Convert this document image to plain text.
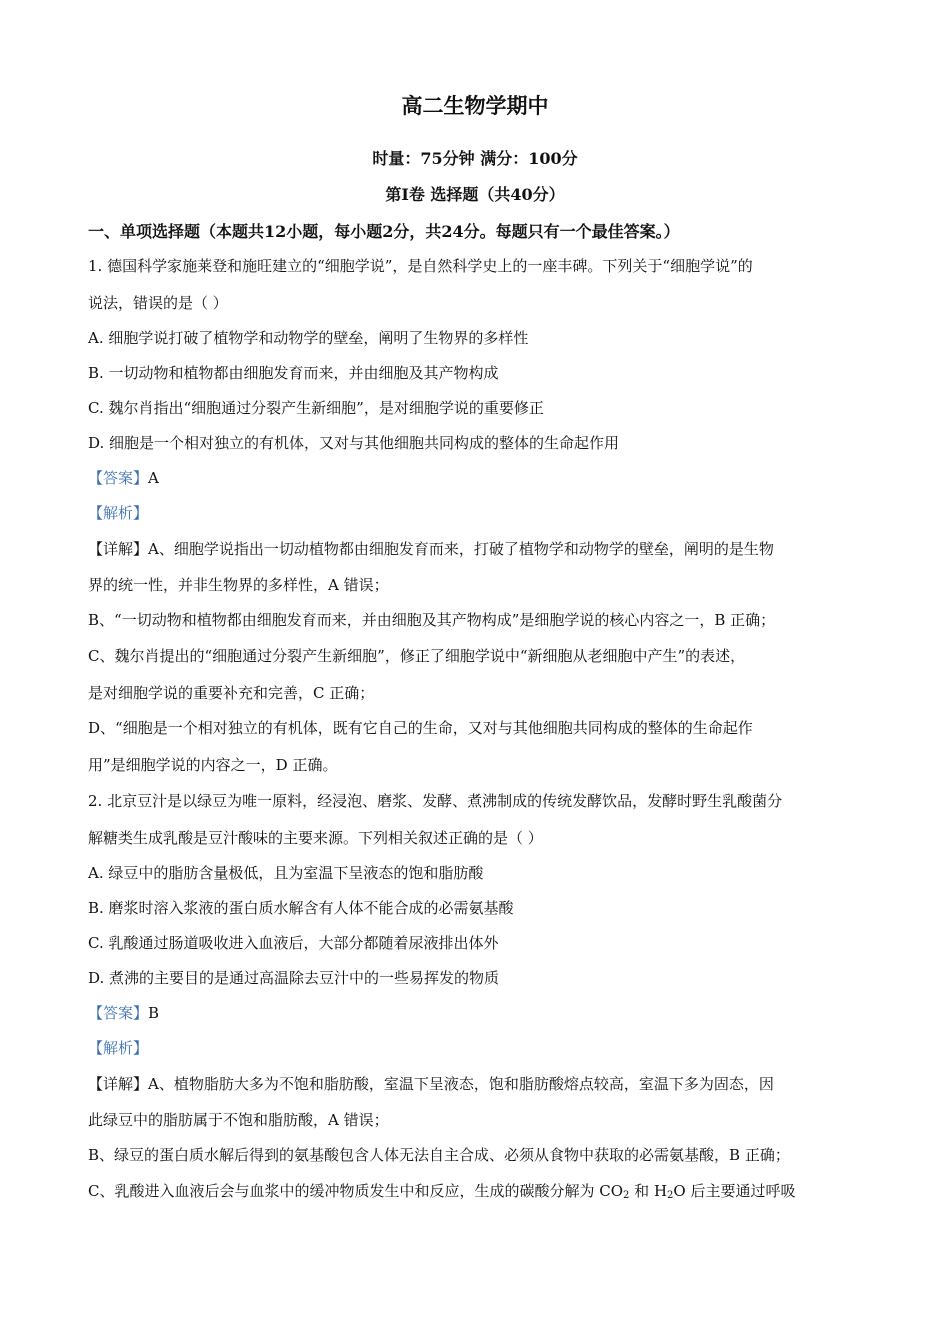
高二生物学期中
时量：75分钟 满分：100分
第Ⅰ卷 选择题（共40分）
一、单项选择题（本题共12小题，每小题2分，共24分。每题只有一个最佳答案。）
1. 德国科学家施莱登和施旺建立的“细胞学说”，是自然科学史上的一座丰碑。下列关于“细胞学说”的
说法，错误的是（ ）
A. 细胞学说打破了植物学和动物学的壁垒，阐明了生物界的多样性
B. 一切动物和植物都由细胞发育而来，并由细胞及其产物构成
C. 魏尔肖指出“细胞通过分裂产生新细胞”，是对细胞学说的重要修正
D. 细胞是一个相对独立的有机体，又对与其他细胞共同构成的整体的生命起作用
【答案】A
【解析】
【详解】A、细胞学说指出一切动植物都由细胞发育而来，打破了植物学和动物学的壁垒，阐明的是生物
界的统一性，并非生物界的多样性，A 错误；
B、“一切动物和植物都由细胞发育而来，并由细胞及其产物构成”是细胞学说的核心内容之一，B 正确；
C、魏尔肖提出的“细胞通过分裂产生新细胞”，修正了细胞学说中“新细胞从老细胞中产生”的表述，
是对细胞学说的重要补充和完善，C 正确；
D、“细胞是一个相对独立的有机体，既有它自己的生命，又对与其他细胞共同构成的整体的生命起作
用”是细胞学说的内容之一，D 正确。
2. 北京豆汁是以绿豆为唯一原料，经浸泡、磨浆、发酵、煮沸制成的传统发酵饮品，发酵时野生乳酸菌分
解糖类生成乳酸是豆汁酸味的主要来源。下列相关叙述正确的是（ ）
A. 绿豆中的脂肪含量极低，且为室温下呈液态的饱和脂肪酸
B. 磨浆时溶入浆液的蛋白质水解含有人体不能合成的必需氨基酸
C. 乳酸通过肠道吸收进入血液后，大部分都随着尿液排出体外
D. 煮沸的主要目的是通过高温除去豆汁中的一些易挥发的物质
【答案】B
【解析】
【详解】A、植物脂肪大多为不饱和脂肪酸，室温下呈液态，饱和脂肪酸熔点较高，室温下多为固态，因
此绿豆中的脂肪属于不饱和脂肪酸，A 错误；
B、绿豆的蛋白质水解后得到的氨基酸包含人体无法自主合成、必须从食物中获取的必需氨基酸，B 正确；
C、乳酸进入血液后会与血浆中的缓冲物质发生中和反应，生成的碳酸分解为 $CO_2$ 和 $H_2O$ 后主要通过呼吸
